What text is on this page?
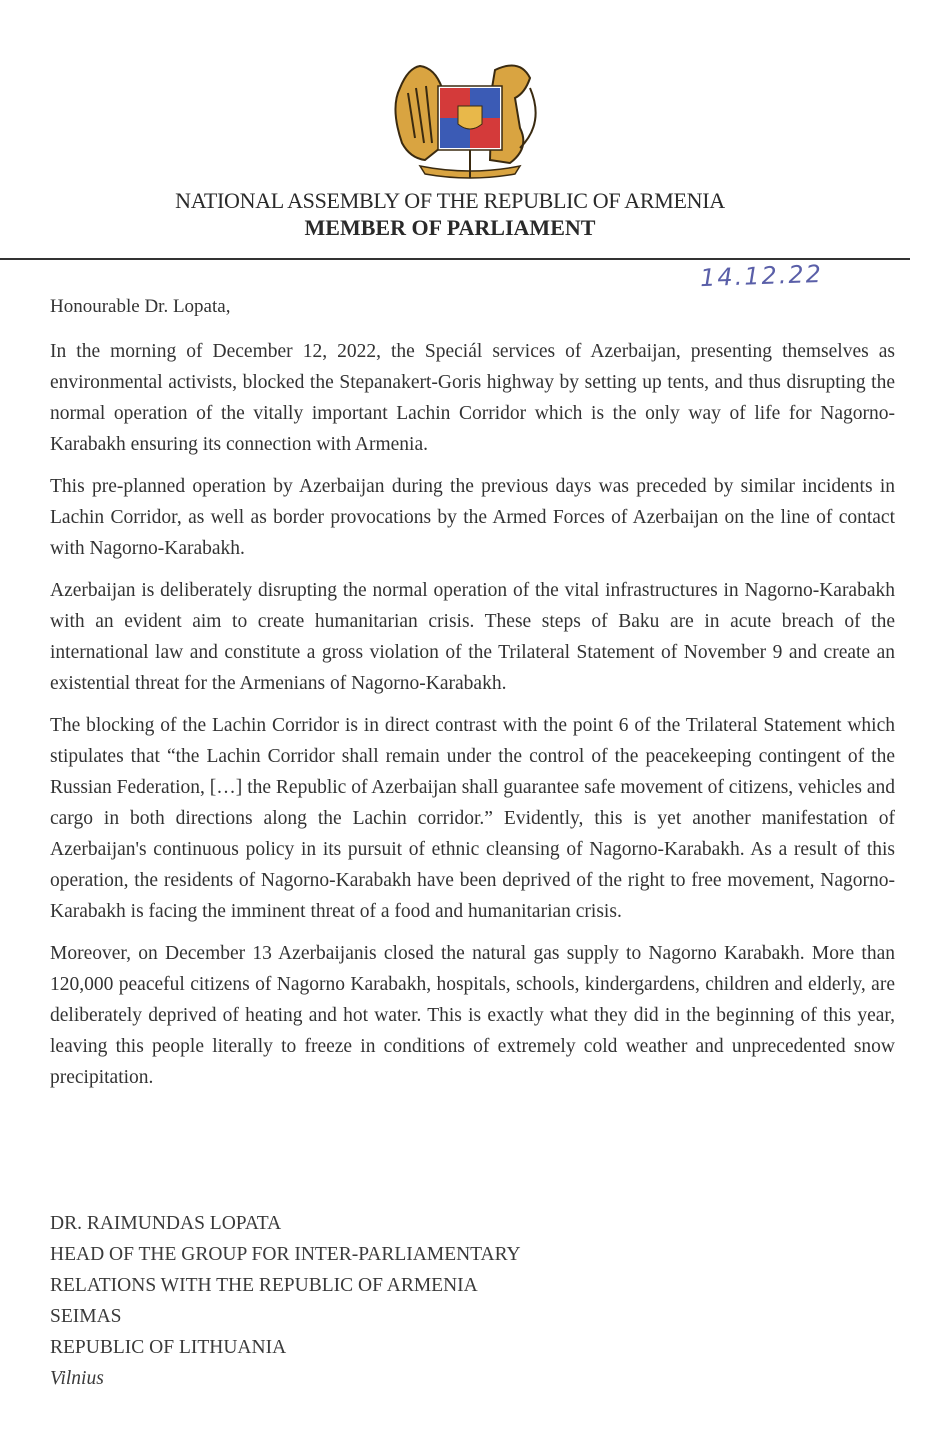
NATIONAL ASSEMBLY OF THE REPUBLIC OF ARMENIA
MEMBER OF PARLIAMENT
14.12.22
Honourable Dr. Lopata,

In the morning of December 12, 2022, the Speciál services of Azerbaijan, presenting themselves as environmental activists, blocked the Stepanakert-Goris highway by setting up tents, and thus disrupting the normal operation of the vitally important Lachin Corridor which is the only way of life for Nagorno-Karabakh ensuring its connection with Armenia.

This pre-planned operation by Azerbaijan during the previous days was preceded by similar incidents in Lachin Corridor, as well as border provocations by the Armed Forces of Azerbaijan on the line of contact with Nagorno-Karabakh.

Azerbaijan is deliberately disrupting the normal operation of the vital infrastructures in Nagorno-Karabakh with an evident aim to create humanitarian crisis. These steps of Baku are in acute breach of the international law and constitute a gross violation of the Trilateral Statement of November 9 and create an existential threat for the Armenians of Nagorno-Karabakh.

The blocking of the Lachin Corridor is in direct contrast with the point 6 of the Trilateral Statement which stipulates that “the Lachin Corridor shall remain under the control of the peacekeeping contingent of the Russian Federation, […] the Republic of Azerbaijan shall guarantee safe movement of citizens, vehicles and cargo in both directions along the Lachin corridor.” Evidently, this is yet another manifestation of Azerbaijan's continuous policy in its pursuit of ethnic cleansing of Nagorno-Karabakh. As a result of this operation, the residents of Nagorno-Karabakh have been deprived of the right to free movement, Nagorno-Karabakh is facing the imminent threat of a food and humanitarian crisis.

Moreover, on December 13 Azerbaijanis closed the natural gas supply to Nagorno Karabakh. More than 120,000 peaceful citizens of Nagorno Karabakh, hospitals, schools, kindergardens, children and elderly, are deliberately deprived of heating and hot water. This is exactly what they did in the beginning of this year, leaving this people literally to freeze in conditions of extremely cold weather and unprecedented snow precipitation.

DR. RAIMUNDAS LOPATA
HEAD OF THE GROUP FOR INTER-PARLIAMENTARY
RELATIONS WITH THE REPUBLIC OF ARMENIA
SEIMAS
REPUBLIC OF LITHUANIA
Vilnius
